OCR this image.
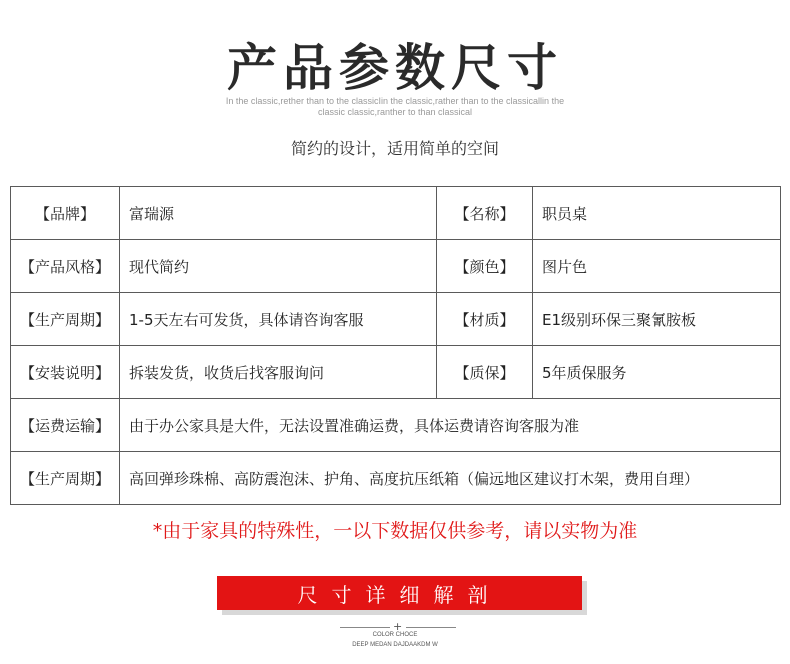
产品参数尺寸
In the classic,rether than to the classicIin the classic,rather than to the classicallin the
classic classic,ranther to than classical
简约的设计，适用简单的空间
【品牌】	富瑞源	【名称】	职员桌
【产品风格】	现代简约	【颜色】	图片色
【生产周期】	1-5天左右可发货，具体请咨询客服	【材质】	E1级别环保三聚氰胺板
【安装说明】	拆装发货，收货后找客服询问	【质保】	5年质保服务
【运费运输】	由于办公家具是大件，无法设置准确运费，具体运费请咨询客服为准
【生产周期】	高回弹珍珠棉、高防震泡沫、护角、高度抗压纸箱（偏远地区建议打木架，费用自理）
*由于家具的特殊性，一以下数据仅供参考，请以实物为准
尺寸详细解剖
+
COLOR CHOCE
DEEP MEDAN DAJDAAKDM W
